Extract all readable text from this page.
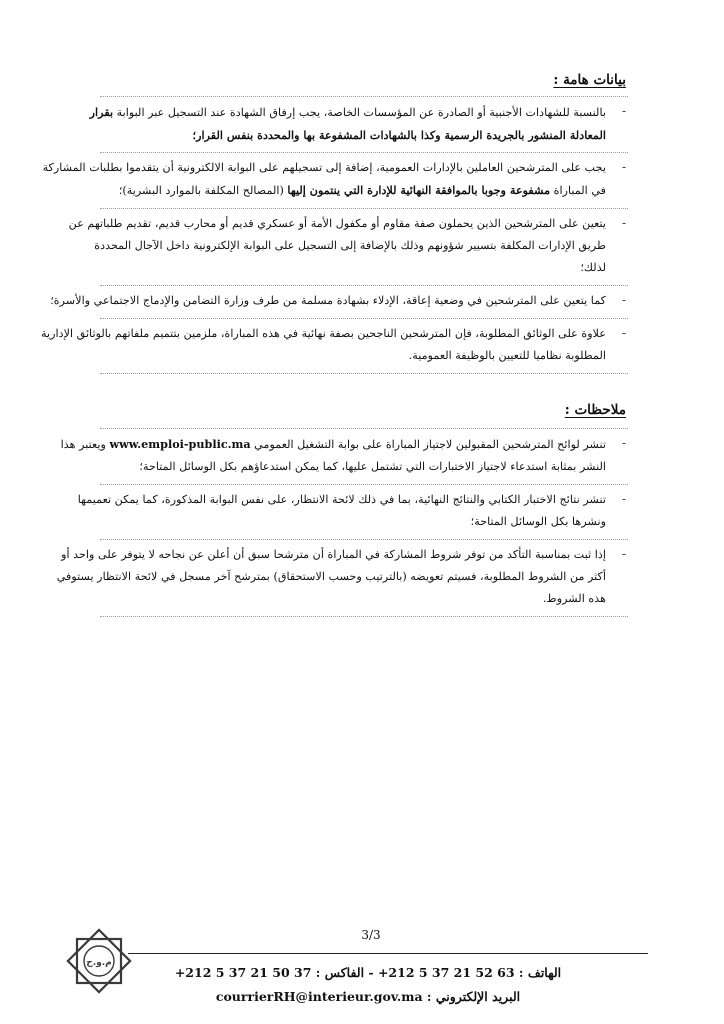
بيانات هامة :
-
بالنسبة للشهادات الأجنبية أو الصادرة عن المؤسسات الخاصة، يجب إرفاق الشهادة عند التسجيل عبر البوابة بقرار
المعادلة المنشور بالجريدة الرسمية وكذا بالشهادات المشفوعة بها والمحددة بنفس القرار؛
-
يجب على المترشحين العاملين بالإدارات العمومية، إضافة إلى تسجيلهم على البوابة الالكترونية أن يتقدموا بطلبات المشاركة
في المباراة مشفوعة وجوبا بالموافقة النهائية للإدارة التي ينتمون إليها (المصالح المكلفة بالموارد البشرية)؛
-
يتعين على المترشحين الذين يحملون صفة مقاوم أو مكفول الأمة أو عسكري قديم أو محارب قديم، تقديم طلباتهم عن
طريق الإدارات المكلفة بتسيير شؤونهم وذلك بالإضافة إلى التسجيل على البوابة الإلكترونية داخل الآجال المحددة
لذلك؛
-
كما يتعين على المترشحين في وضعية إعاقة، الإدلاء بشهادة مسلمة من طرف وزارة التضامن والإدماج الاجتماعي والأسرة؛
-
علاوة على الوثائق المطلوبة، فإن المترشحين الناجحين بصفة نهائية في هذه المباراة، ملزمين بتتميم ملفاتهم بالوثائق الإدارية
المطلوبة نظاميا للتعيين بالوظيفة العمومية.
ملاحظات :
-
تنشر لوائح المترشحين المقبولين لاجتياز المباراة على بوابة التشغيل العمومي www.emploi-public.ma ويعتبر هذا
النشر بمثابة استدعاء لاجتياز الاختبارات التي تشتمل عليها، كما يمكن استدعاؤهم بكل الوسائل المتاحة؛
-
تنشر نتائج الاختبار الكتابي والنتائج النهائية، بما في ذلك لائحة الانتظار، على نفس البوابة المذكورة، كما يمكن تعميمها
ونشرها بكل الوسائل المتاحة؛
-
إذا ثبت بمناسبة التأكد من توفر شروط المشاركة في المباراة أن مترشحا سبق أن أعلن عن نجاحه لا يتوفر على واحد أو
أكثر من الشروط المطلوبة، فسيتم تعويضه (بالترتيب وحسب الاستحقاق) بمترشح آخر مسجل في لائحة الانتظار يستوفي
هذه الشروط.
3/3
م.و.ح
الهاتف : +212 5 37 21 52 63 - الفاكس : +212 5 37 21 50 37
البريد الإلكتروني : courrierRH@interieur.gov.ma
